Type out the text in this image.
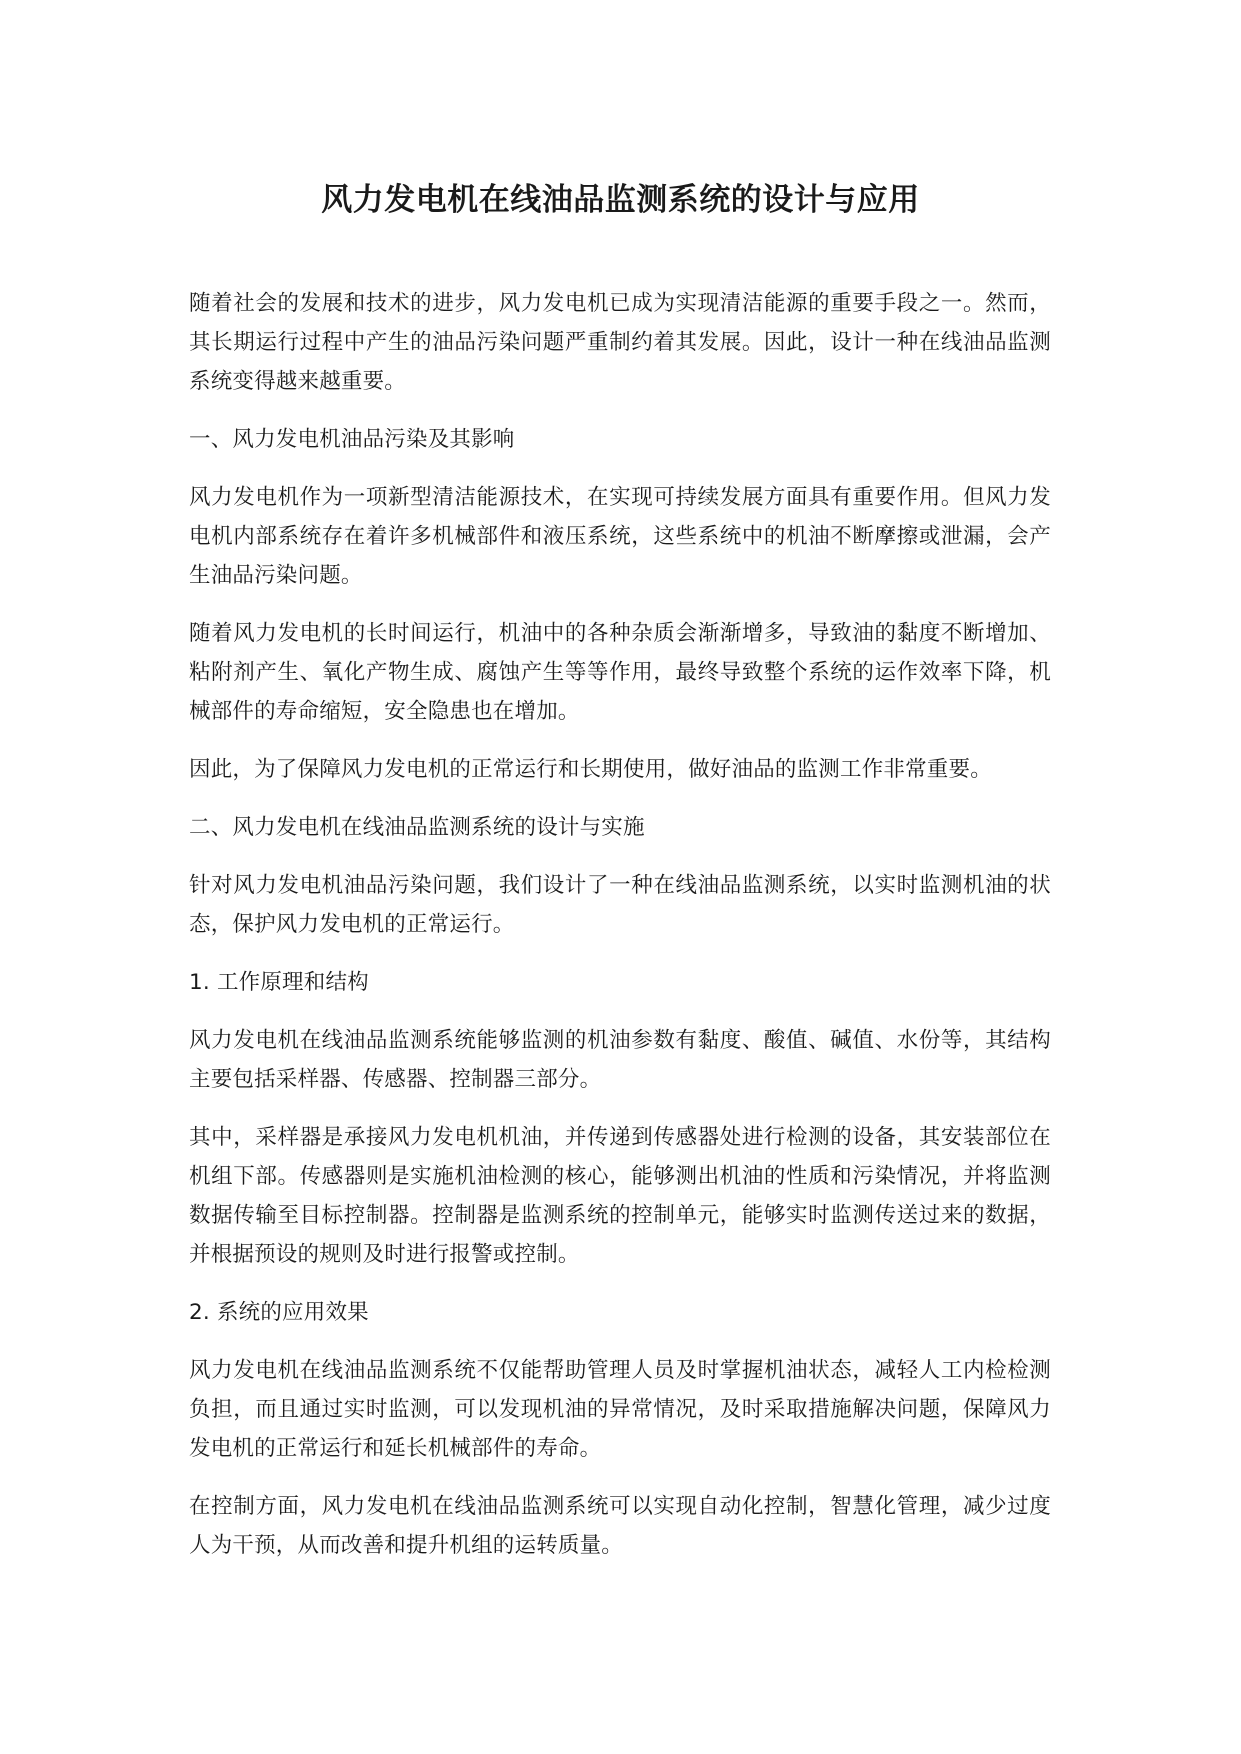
风力发电机在线油品监测系统的设计与应用

随着社会的发展和技术的进步，风力发电机已成为实现清洁能源的重要手段之一。然而，其长期运行过程中产生的油品污染问题严重制约着其发展。因此，设计一种在线油品监测系统变得越来越重要。

一、风力发电机油品污染及其影响

风力发电机作为一项新型清洁能源技术，在实现可持续发展方面具有重要作用。但风力发电机内部系统存在着许多机械部件和液压系统，这些系统中的机油不断摩擦或泄漏，会产生油品污染问题。

随着风力发电机的长时间运行，机油中的各种杂质会渐渐增多，导致油的黏度不断增加、粘附剂产生、氧化产物生成、腐蚀产生等等作用，最终导致整个系统的运作效率下降，机械部件的寿命缩短，安全隐患也在增加。

因此，为了保障风力发电机的正常运行和长期使用，做好油品的监测工作非常重要。

二、风力发电机在线油品监测系统的设计与实施

针对风力发电机油品污染问题，我们设计了一种在线油品监测系统，以实时监测机油的状态，保护风力发电机的正常运行。

1. 工作原理和结构

风力发电机在线油品监测系统能够监测的机油参数有黏度、酸值、碱值、水份等，其结构主要包括采样器、传感器、控制器三部分。

其中，采样器是承接风力发电机机油，并传递到传感器处进行检测的设备，其安装部位在机组下部。传感器则是实施机油检测的核心，能够测出机油的性质和污染情况，并将监测数据传输至目标控制器。控制器是监测系统的控制单元，能够实时监测传送过来的数据，并根据预设的规则及时进行报警或控制。

2. 系统的应用效果

风力发电机在线油品监测系统不仅能帮助管理人员及时掌握机油状态，减轻人工内检检测负担，而且通过实时监测，可以发现机油的异常情况，及时采取措施解决问题，保障风力发电机的正常运行和延长机械部件的寿命。

在控制方面，风力发电机在线油品监测系统可以实现自动化控制，智慧化管理，减少过度人为干预，从而改善和提升机组的运转质量。
